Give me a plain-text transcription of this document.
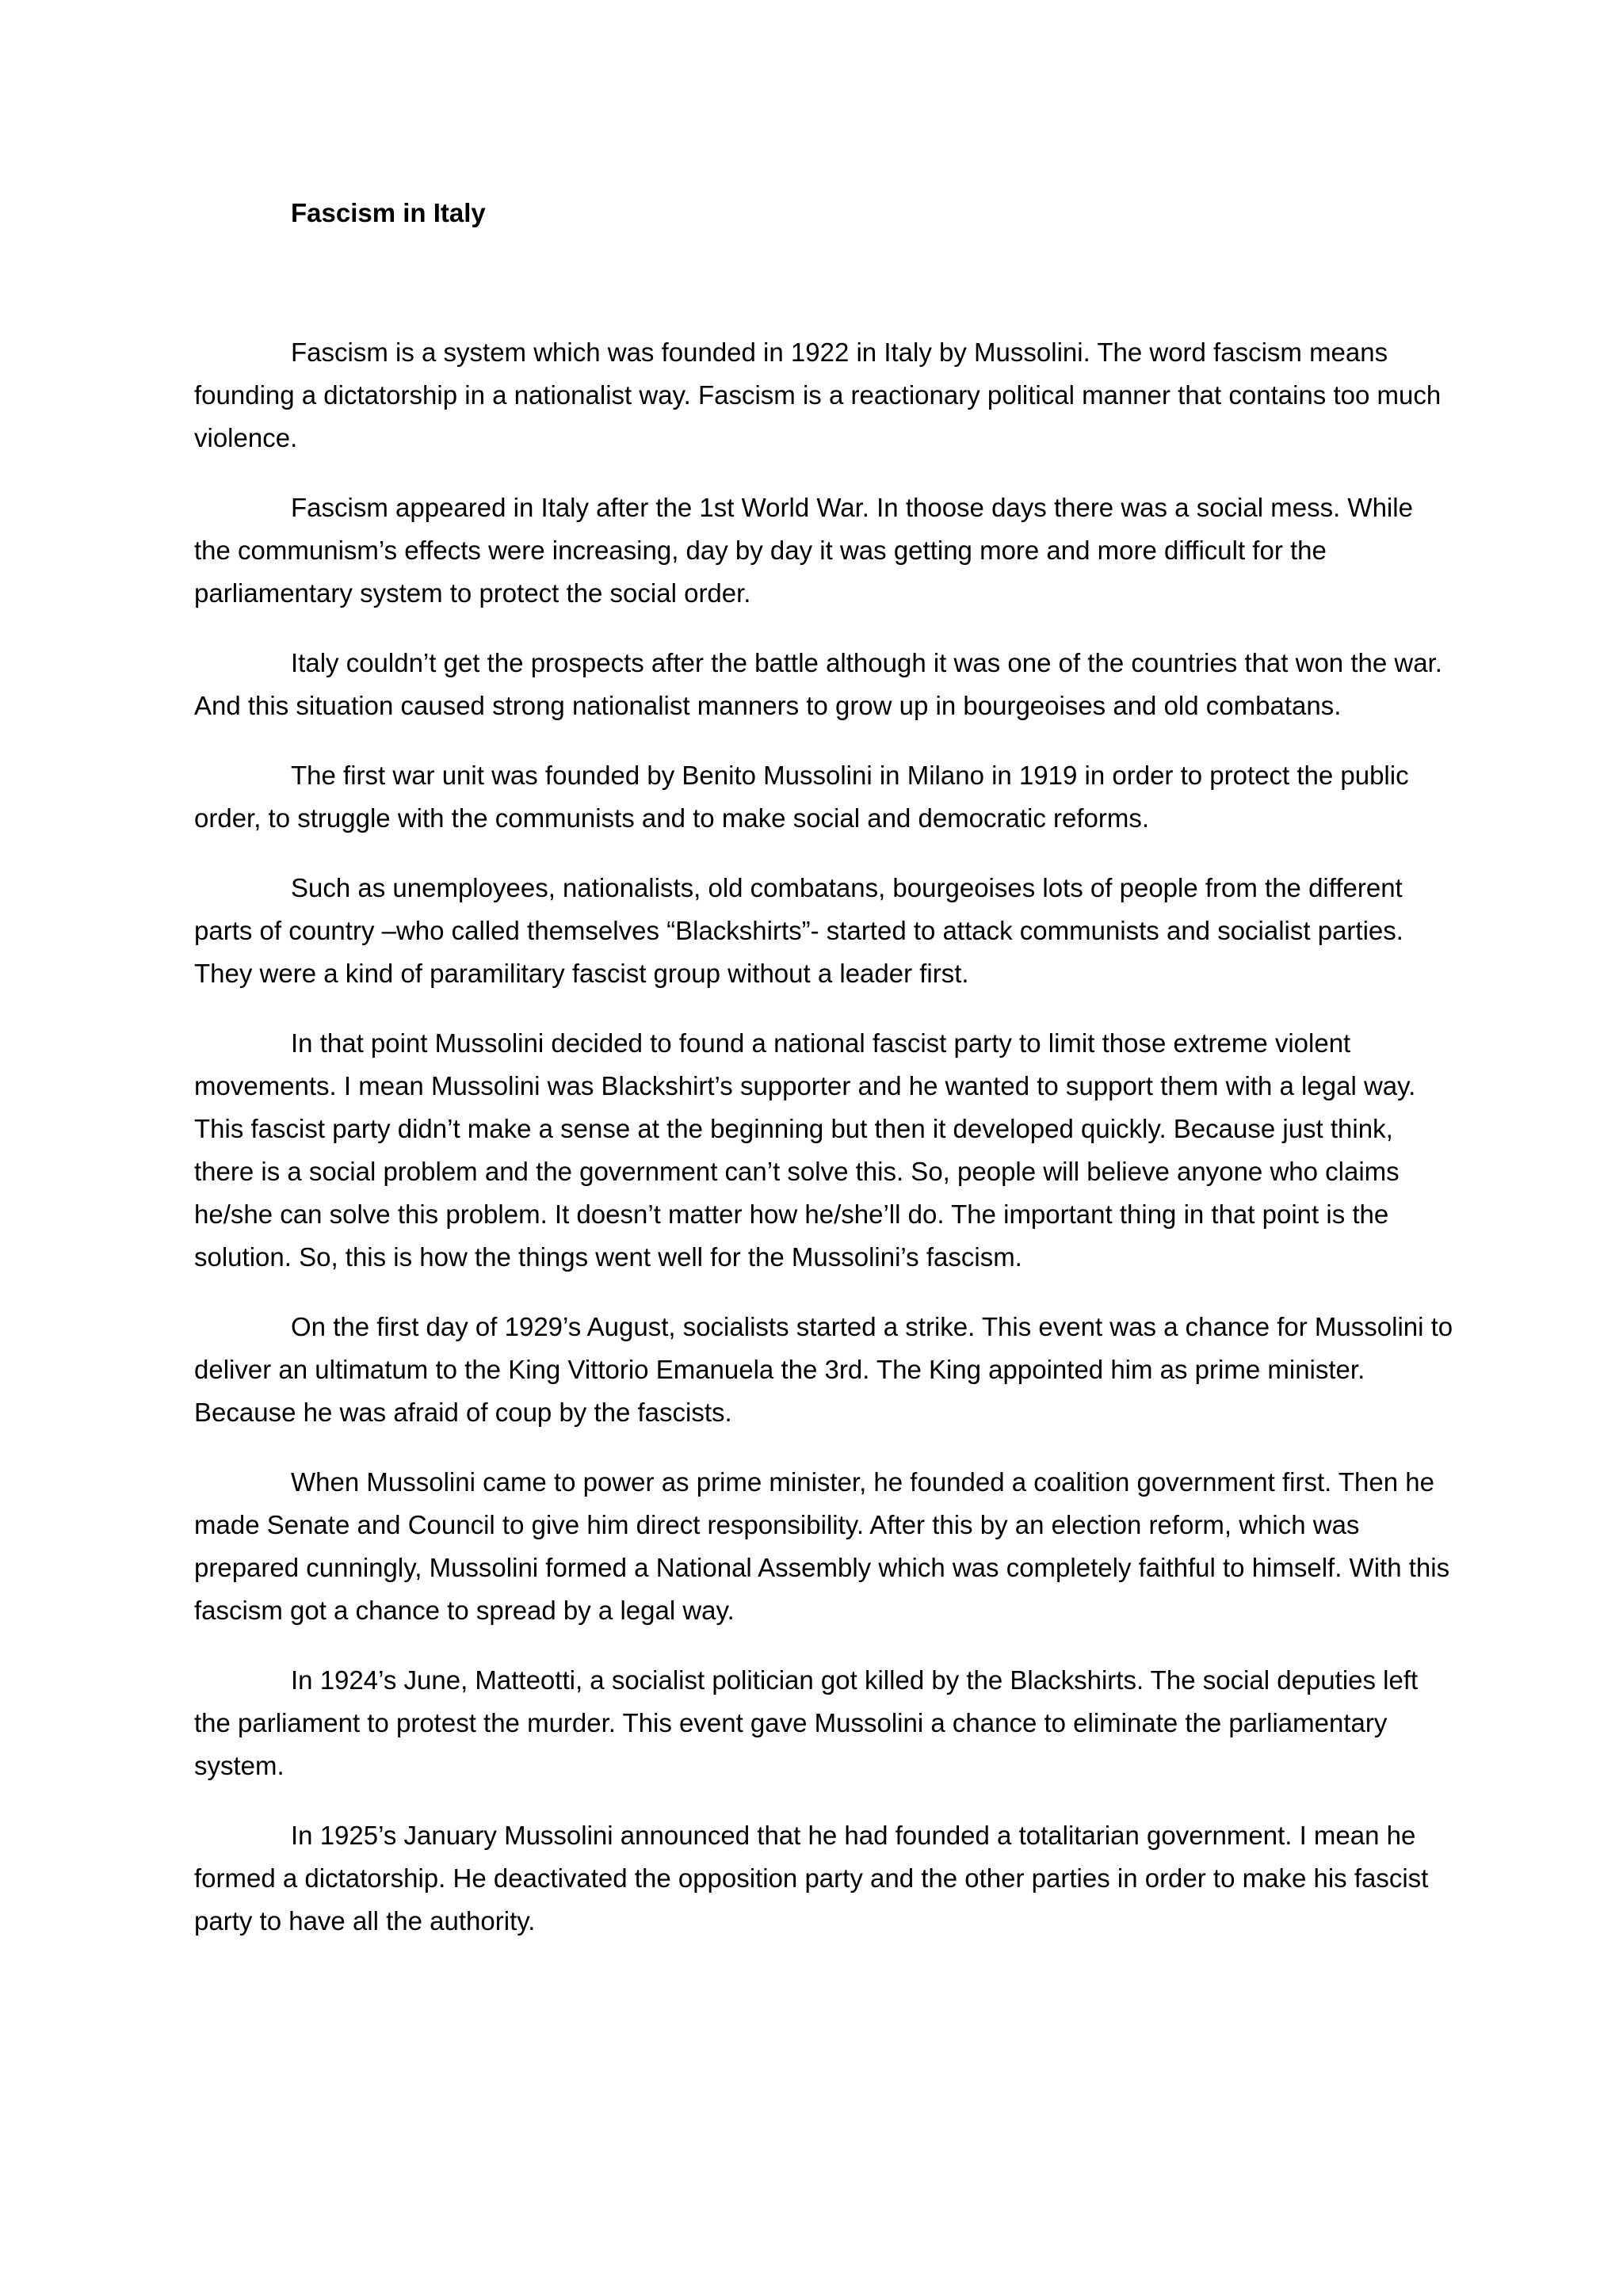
Fascism in Italy

Fascism is a system which was founded in 1922 in Italy by Mussolini. The word fascism means founding a dictatorship in a nationalist way. Fascism is a reactionary political manner that contains too much violence.

Fascism appeared in Italy after the 1st World War. In thoose days there was a social mess. While the communism’s effects were increasing, day by day it was getting more and more difficult for the parliamentary system to protect the social order.

Italy couldn’t get the prospects after the battle although it was one of the countries that won the war. And this situation caused strong nationalist manners to grow up in bourgeoises and old combatans.

The first war unit was founded by Benito Mussolini in Milano in 1919 in order to protect the public order, to struggle with the communists and to make social and democratic reforms.

Such as unemployees, nationalists, old combatans, bourgeoises lots of people from the different parts of country –who called themselves “Blackshirts”- started to attack communists and socialist parties. They were a kind of paramilitary fascist group without a leader first.

In that point Mussolini decided to found a national fascist party to limit those extreme violent movements. I mean Mussolini was Blackshirt’s supporter and he wanted to support them with a legal way. This fascist party didn’t make a sense at the beginning but then it developed quickly. Because just think, there is a social problem and the government can’t solve this. So, people will believe anyone who claims he/she can solve this problem. It doesn’t matter how he/she’ll do. The important thing in that point is the solution. So, this is how the things went well for the Mussolini’s fascism.

On the first day of 1929’s August, socialists started a strike. This event was a chance for Mussolini to deliver an ultimatum to the King Vittorio Emanuela the 3rd. The King appointed him as prime minister. Because he was afraid of coup by the fascists.

When Mussolini came to power as prime minister, he founded a coalition government first. Then he made Senate and Council to give him direct responsibility. After this by an election reform, which was prepared cunningly, Mussolini formed a National Assembly which was completely faithful to himself. With this fascism got a chance to spread by a legal way.

In 1924’s June, Matteotti, a socialist politician got killed by the Blackshirts. The social deputies left the parliament to protest the murder. This event gave Mussolini a chance to eliminate the parliamentary system.

In 1925’s January Mussolini announced that he had founded a totalitarian government. I mean he formed a dictatorship. He deactivated the opposition party and the other parties in order to make his fascist party to have all the authority.
